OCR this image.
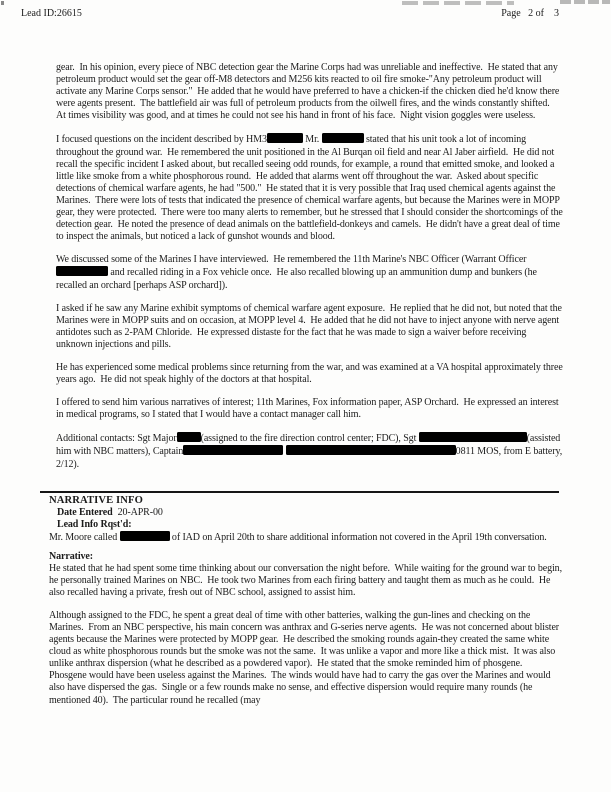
Lead ID:26615	Page   2 of    3

gear.  In his opinion, every piece of NBC detection gear the Marine Corps had was unreliable and ineffective.  He stated that any petroleum product would set the gear off-M8 detectors and M256 kits reacted to oil fire smoke-"Any petroleum product will activate any Marine Corps sensor."  He added that he would have preferred to have a chicken-if the chicken died he'd know there were agents present.  The battlefield air was full of petroleum products from the oilwell fires, and the winds constantly shifted.  At times visibility was good, and at times he could not see his hand in front of his face.  Night vision goggles were useless.

I focused questions on the incident described by HM3	Mr.	stated that his unit took a lot of incoming throughout the ground war.  He remembered the unit positioned in the Al Burqan oil field and near Al Jaber airfield.  He did not recall the specific incident I asked about, but recalled seeing odd rounds, for example, a round that emitted smoke, and looked a little like smoke from a white phosphorous round.  He added that alarms went off throughout the war.  Asked about specific detections of chemical warfare agents, he had "500."  He stated that it is very possible that Iraq used chemical agents against the Marines.  There were lots of tests that indicated the presence of chemical warfare agents, but because the Marines were in MOPP gear, they were protected.  There were too many alerts to remember, but he stressed that I should consider the shortcomings of the detection gear.  He noted the presence of dead animals on the battlefield-donkeys and camels.  He didn't have a great deal of time to inspect the animals, but noticed a lack of gunshot wounds and blood.

We discussed some of the Marines I have interviewed.  He remembered the 11th Marine's NBC Officer (Warrant Officer and recalled riding in a Fox vehicle once.  He also recalled blowing up an ammunition dump and bunkers (he recalled an orchard [perhaps ASP orchard]).

I asked if he saw any Marine exhibit symptoms of chemical warfare agent exposure.  He replied that he did not, but noted that the Marines were in MOPP suits and on occasion, at MOPP level 4.  He added that he did not have to inject anyone with nerve agent antidotes such as 2-PAM Chloride.  He expressed distaste for the fact that he was made to sign a waiver before receiving unknown injections and pills.

He has experienced some medical problems since returning from the war, and was examined at a VA hospital approximately three years ago.  He did not speak highly of the doctors at that hospital.

I offered to send him various narratives of interest; 11th Marines, Fox information paper, ASP Orchard.  He expressed an interest in medical programs, so I stated that I would have a contact manager call him.

Additional contacts: Sgt Major (assigned to the fire direction control center; FDC), Sgt	(assisted him with NBC matters), Captain	0811 MOS, from E battery, 2/12).

NARRATIVE INFO
Date Entered 20-APR-00
Lead Info Rqst'd:

Mr. Moore called	of IAD on April 20th to share additional information not covered in the April 19th conversation.

Narrative:

He stated that he had spent some time thinking about our conversation the night before.  While waiting for the ground war to begin, he personally trained Marines on NBC.  He took two Marines from each firing battery and taught them as much as he could.  He also recalled having a private, fresh out of NBC school, assigned to assist him.

Although assigned to the FDC, he spent a great deal of time with other batteries, walking the gun-lines and checking on the Marines.  From an NBC perspective, his main concern was anthrax and G-series nerve agents.  He was not concerned about blister agents because the Marines were protected by MOPP gear.  He described the smoking rounds again-they created the same white cloud as white phosphorous rounds but the smoke was not the same.  It was unlike a vapor and more like a thick mist.  It was also unlike anthrax dispersion (what he described as a powdered vapor).  He stated that the smoke reminded him of phosgene.  Phosgene would have been useless against the Marines.  The winds would have had to carry the gas over the Marines and would also have dispersed the gas.  Single or a few rounds make no sense, and effective dispersion would require many rounds (he mentioned 40).  The particular round he recalled (may
